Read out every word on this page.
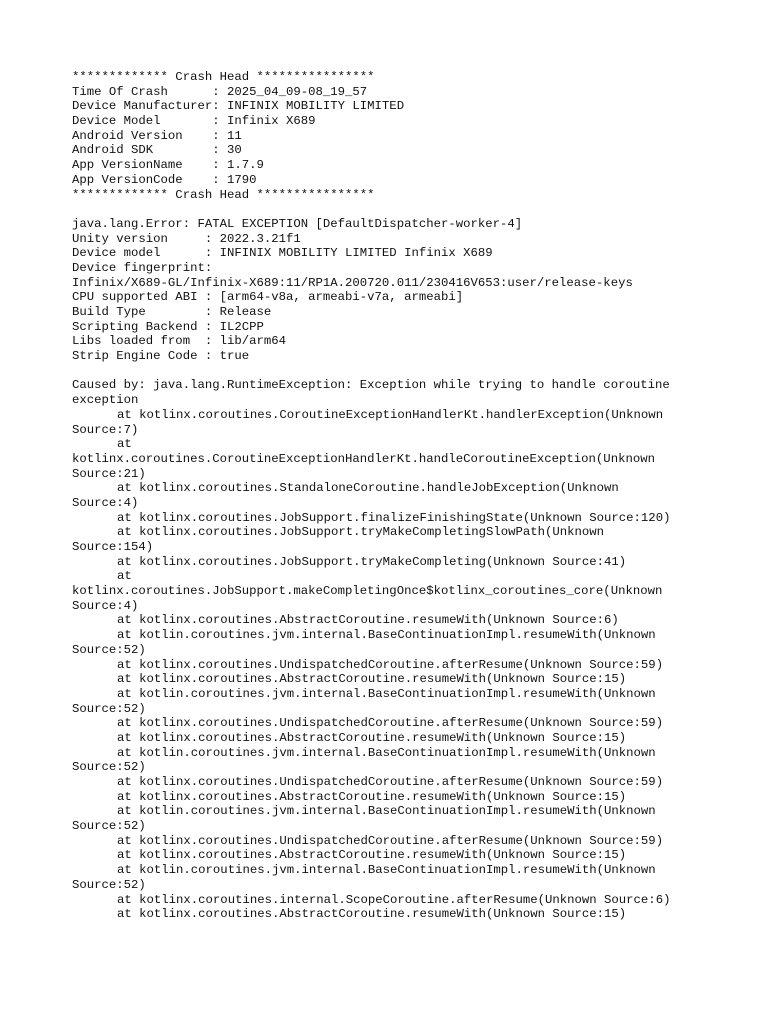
************* Crash Head ****************
Time Of Crash      : 2025_04_09-08_19_57
Device Manufacturer: INFINIX MOBILITY LIMITED
Device Model       : Infinix X689
Android Version    : 11
Android SDK        : 30
App VersionName    : 1.7.9
App VersionCode    : 1790
************* Crash Head ****************
java.lang.Error: FATAL EXCEPTION [DefaultDispatcher-worker-4]
Unity version     : 2022.3.21f1
Device model      : INFINIX MOBILITY LIMITED Infinix X689
Device fingerprint:
Infinix/X689-GL/Infinix-X689:11/RP1A.200720.011/230416V653:user/release-keys
CPU supported ABI : [arm64-v8a, armeabi-v7a, armeabi]
Build Type        : Release
Scripting Backend : IL2CPP
Libs loaded from  : lib/arm64
Strip Engine Code : true
Caused by: java.lang.RuntimeException: Exception while trying to handle coroutine
exception
at kotlinx.coroutines.CoroutineExceptionHandlerKt.handlerException(Unknown
Source:7)
at
kotlinx.coroutines.CoroutineExceptionHandlerKt.handleCoroutineException(Unknown
Source:21)
at kotlinx.coroutines.StandaloneCoroutine.handleJobException(Unknown
Source:4)
at kotlinx.coroutines.JobSupport.finalizeFinishingState(Unknown Source:120)
at kotlinx.coroutines.JobSupport.tryMakeCompletingSlowPath(Unknown
Source:154)
at kotlinx.coroutines.JobSupport.tryMakeCompleting(Unknown Source:41)
at
kotlinx.coroutines.JobSupport.makeCompletingOnce$kotlinx_coroutines_core(Unknown
Source:4)
at kotlinx.coroutines.AbstractCoroutine.resumeWith(Unknown Source:6)
at kotlin.coroutines.jvm.internal.BaseContinuationImpl.resumeWith(Unknown
Source:52)
at kotlinx.coroutines.UndispatchedCoroutine.afterResume(Unknown Source:59)
at kotlinx.coroutines.AbstractCoroutine.resumeWith(Unknown Source:15)
at kotlin.coroutines.jvm.internal.BaseContinuationImpl.resumeWith(Unknown
Source:52)
at kotlinx.coroutines.UndispatchedCoroutine.afterResume(Unknown Source:59)
at kotlinx.coroutines.AbstractCoroutine.resumeWith(Unknown Source:15)
at kotlin.coroutines.jvm.internal.BaseContinuationImpl.resumeWith(Unknown
Source:52)
at kotlinx.coroutines.UndispatchedCoroutine.afterResume(Unknown Source:59)
at kotlinx.coroutines.AbstractCoroutine.resumeWith(Unknown Source:15)
at kotlin.coroutines.jvm.internal.BaseContinuationImpl.resumeWith(Unknown
Source:52)
at kotlinx.coroutines.UndispatchedCoroutine.afterResume(Unknown Source:59)
at kotlinx.coroutines.AbstractCoroutine.resumeWith(Unknown Source:15)
at kotlin.coroutines.jvm.internal.BaseContinuationImpl.resumeWith(Unknown
Source:52)
at kotlinx.coroutines.internal.ScopeCoroutine.afterResume(Unknown Source:6)
at kotlinx.coroutines.AbstractCoroutine.resumeWith(Unknown Source:15)
